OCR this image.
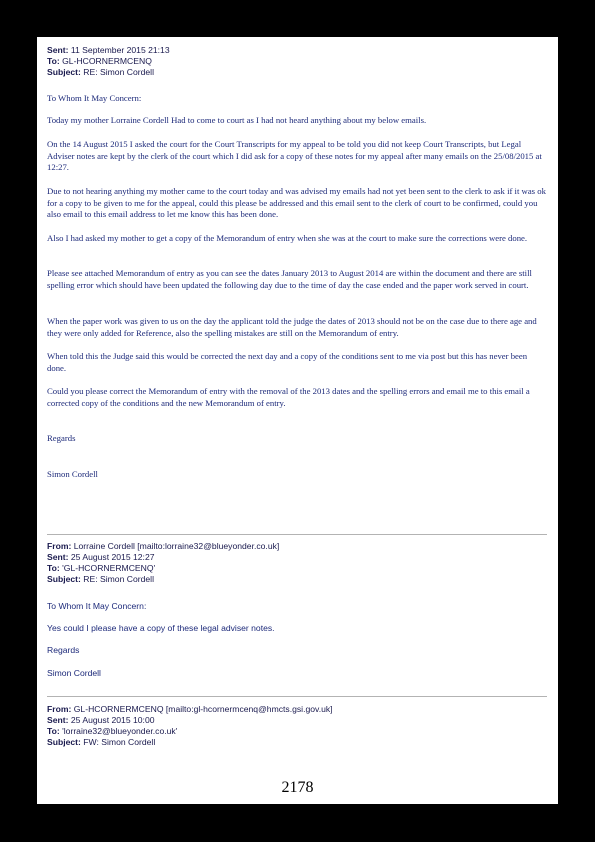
Sent: 11 September 2015 21:13
To: GL-HCORNERMCENQ
Subject: RE: Simon Cordell

To Whom It May Concern:

Today my mother Lorraine Cordell Had to come to court as I had not heard anything about my below emails.

On the 14 August 2015 I asked the court for the Court Transcripts for my appeal to be told you did not keep Court Transcripts, but Legal Adviser notes are kept by the clerk of the court which I did ask for a copy of these notes for my appeal after many emails on the 25/08/2015 at 12:27.

Due to not hearing anything my mother came to the court today and was advised my emails had not yet been sent to the clerk to ask if it was ok for a copy to be given to me for the appeal, could this please be addressed and this email sent to the clerk of court to be confirmed, could you also email to this email address to let me know this has been done.

Also I had asked my mother to get a copy of the Memorandum of entry when she was at the court to make sure the corrections were done.

Please see attached Memorandum of entry as you can see the dates January 2013 to August 2014 are within the document and there are still spelling error which should have been updated the following day due to the time of day the case ended and the paper work served in court.

When the paper work was given to us on the day the applicant told the judge the dates of 2013 should not be on the case due to there age and they were only added for Reference, also the spelling mistakes are still on the Memorandum of entry.

When told this the Judge said this would be corrected the next day and a copy of the conditions sent to me via post but this has never been done.

Could you please correct the Memorandum of entry with the removal of the 2013 dates and the spelling errors and email me to this email a corrected copy of the conditions and the new Memorandum of entry.

Regards

Simon Cordell

From: Lorraine Cordell [mailto:lorraine32@blueyonder.co.uk]
Sent: 25 August 2015 12:27
To: 'GL-HCORNERMCENQ'
Subject: RE: Simon Cordell

To Whom It May Concern:

Yes could I please have a copy of these legal adviser notes.

Regards

Simon Cordell

From: GL-HCORNERMCENQ [mailto:gl-hcornermcenq@hmcts.gsi.gov.uk]
Sent: 25 August 2015 10:00
To: 'lorraine32@blueyonder.co.uk'
Subject: FW: Simon Cordell
2178
